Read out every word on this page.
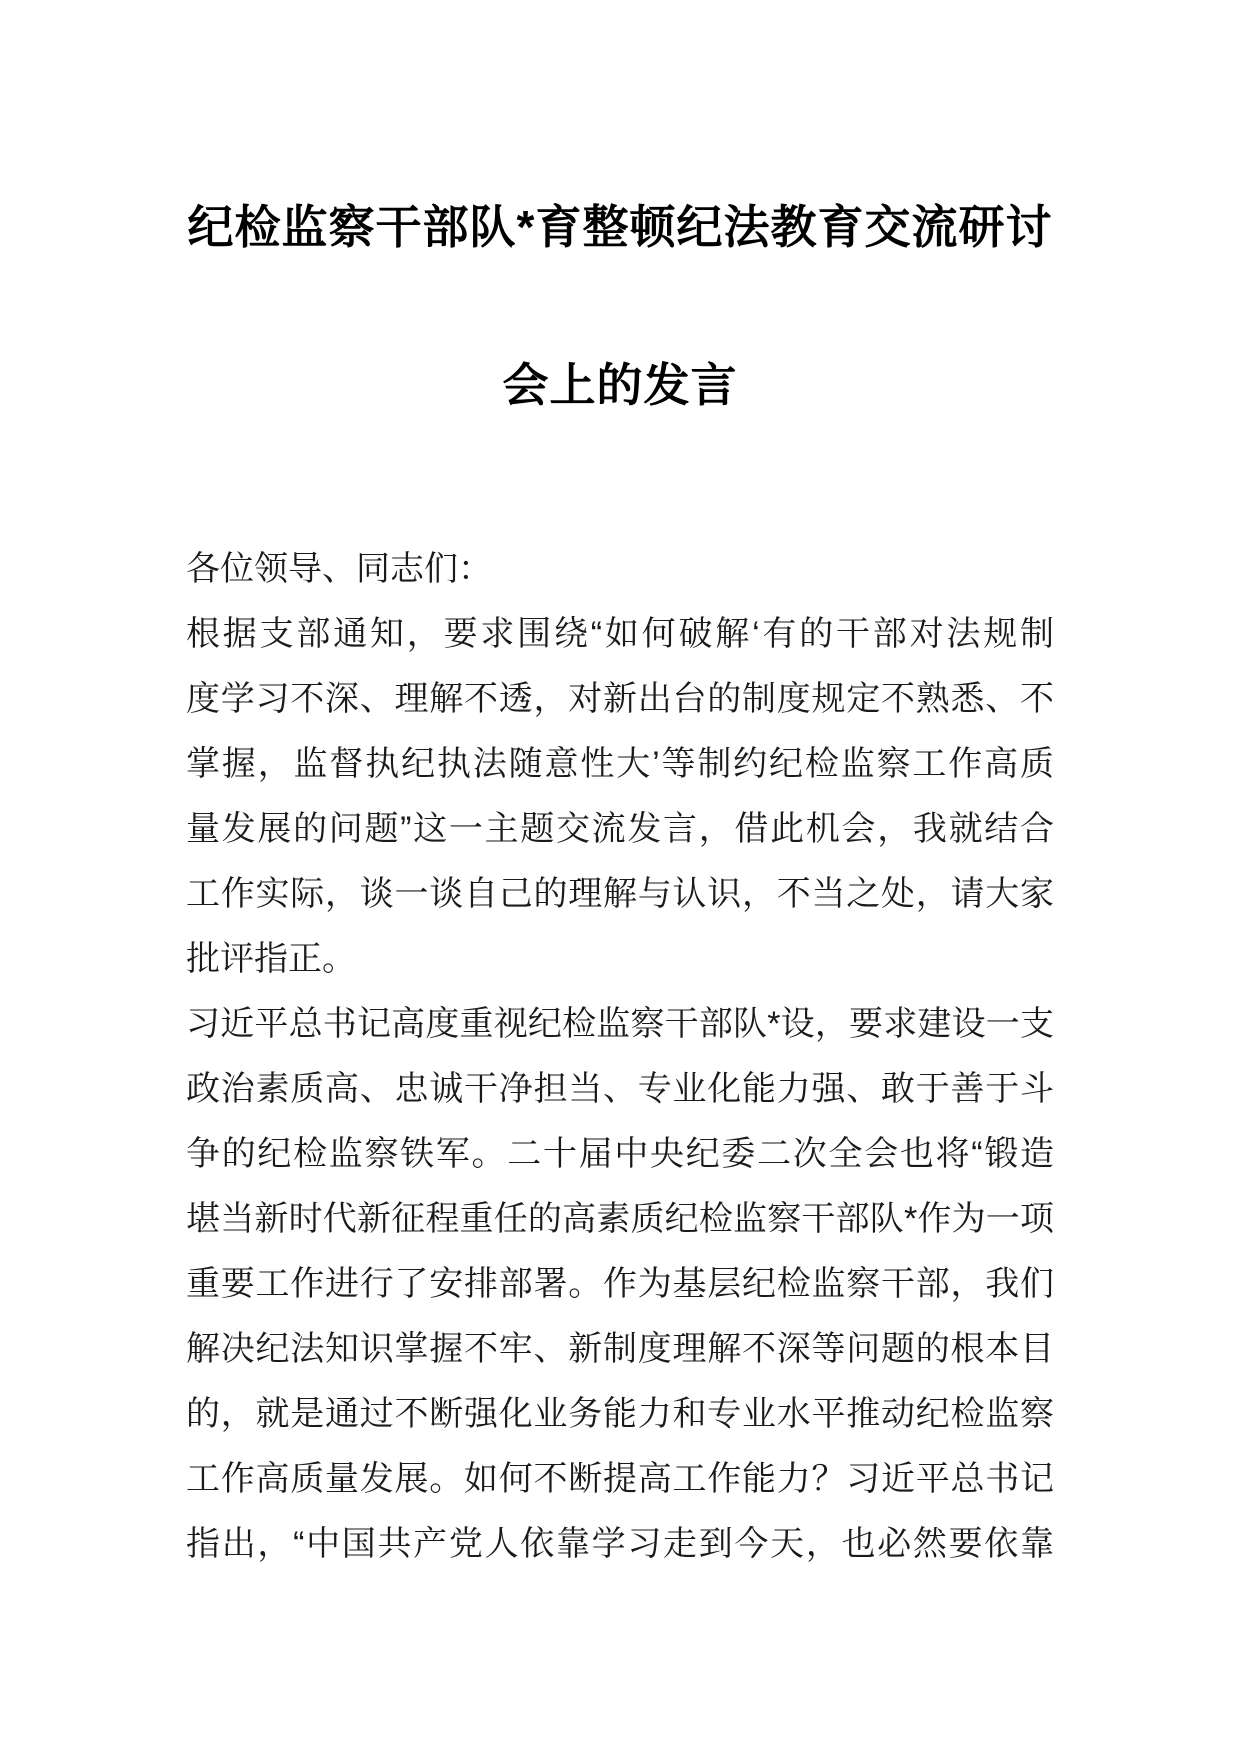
纪检监察干部队*育整顿纪法教育交流研讨
会上的发言
各位领导、同志们：
根据支部通知，要求围绕“如何破解‘有的干部对法规制
度学习不深、理解不透，对新出台的制度规定不熟悉、不
掌握，监督执纪执法随意性大’等制约纪检监察工作高质
量发展的问题”这一主题交流发言，借此机会，我就结合
工作实际，谈一谈自己的理解与认识，不当之处，请大家
批评指正。
习近平总书记高度重视纪检监察干部队*设，要求建设一支
政治素质高、忠诚干净担当、专业化能力强、敢于善于斗
争的纪检监察铁军。二十届中央纪委二次全会也将“锻造
堪当新时代新征程重任的高素质纪检监察干部队*作为一项
重要工作进行了安排部署。作为基层纪检监察干部，我们
解决纪法知识掌握不牢、新制度理解不深等问题的根本目
的，就是通过不断强化业务能力和专业水平推动纪检监察
工作高质量发展。如何不断提高工作能力？习近平总书记
指出，“中国共产党人依靠学习走到今天，也必然要依靠
